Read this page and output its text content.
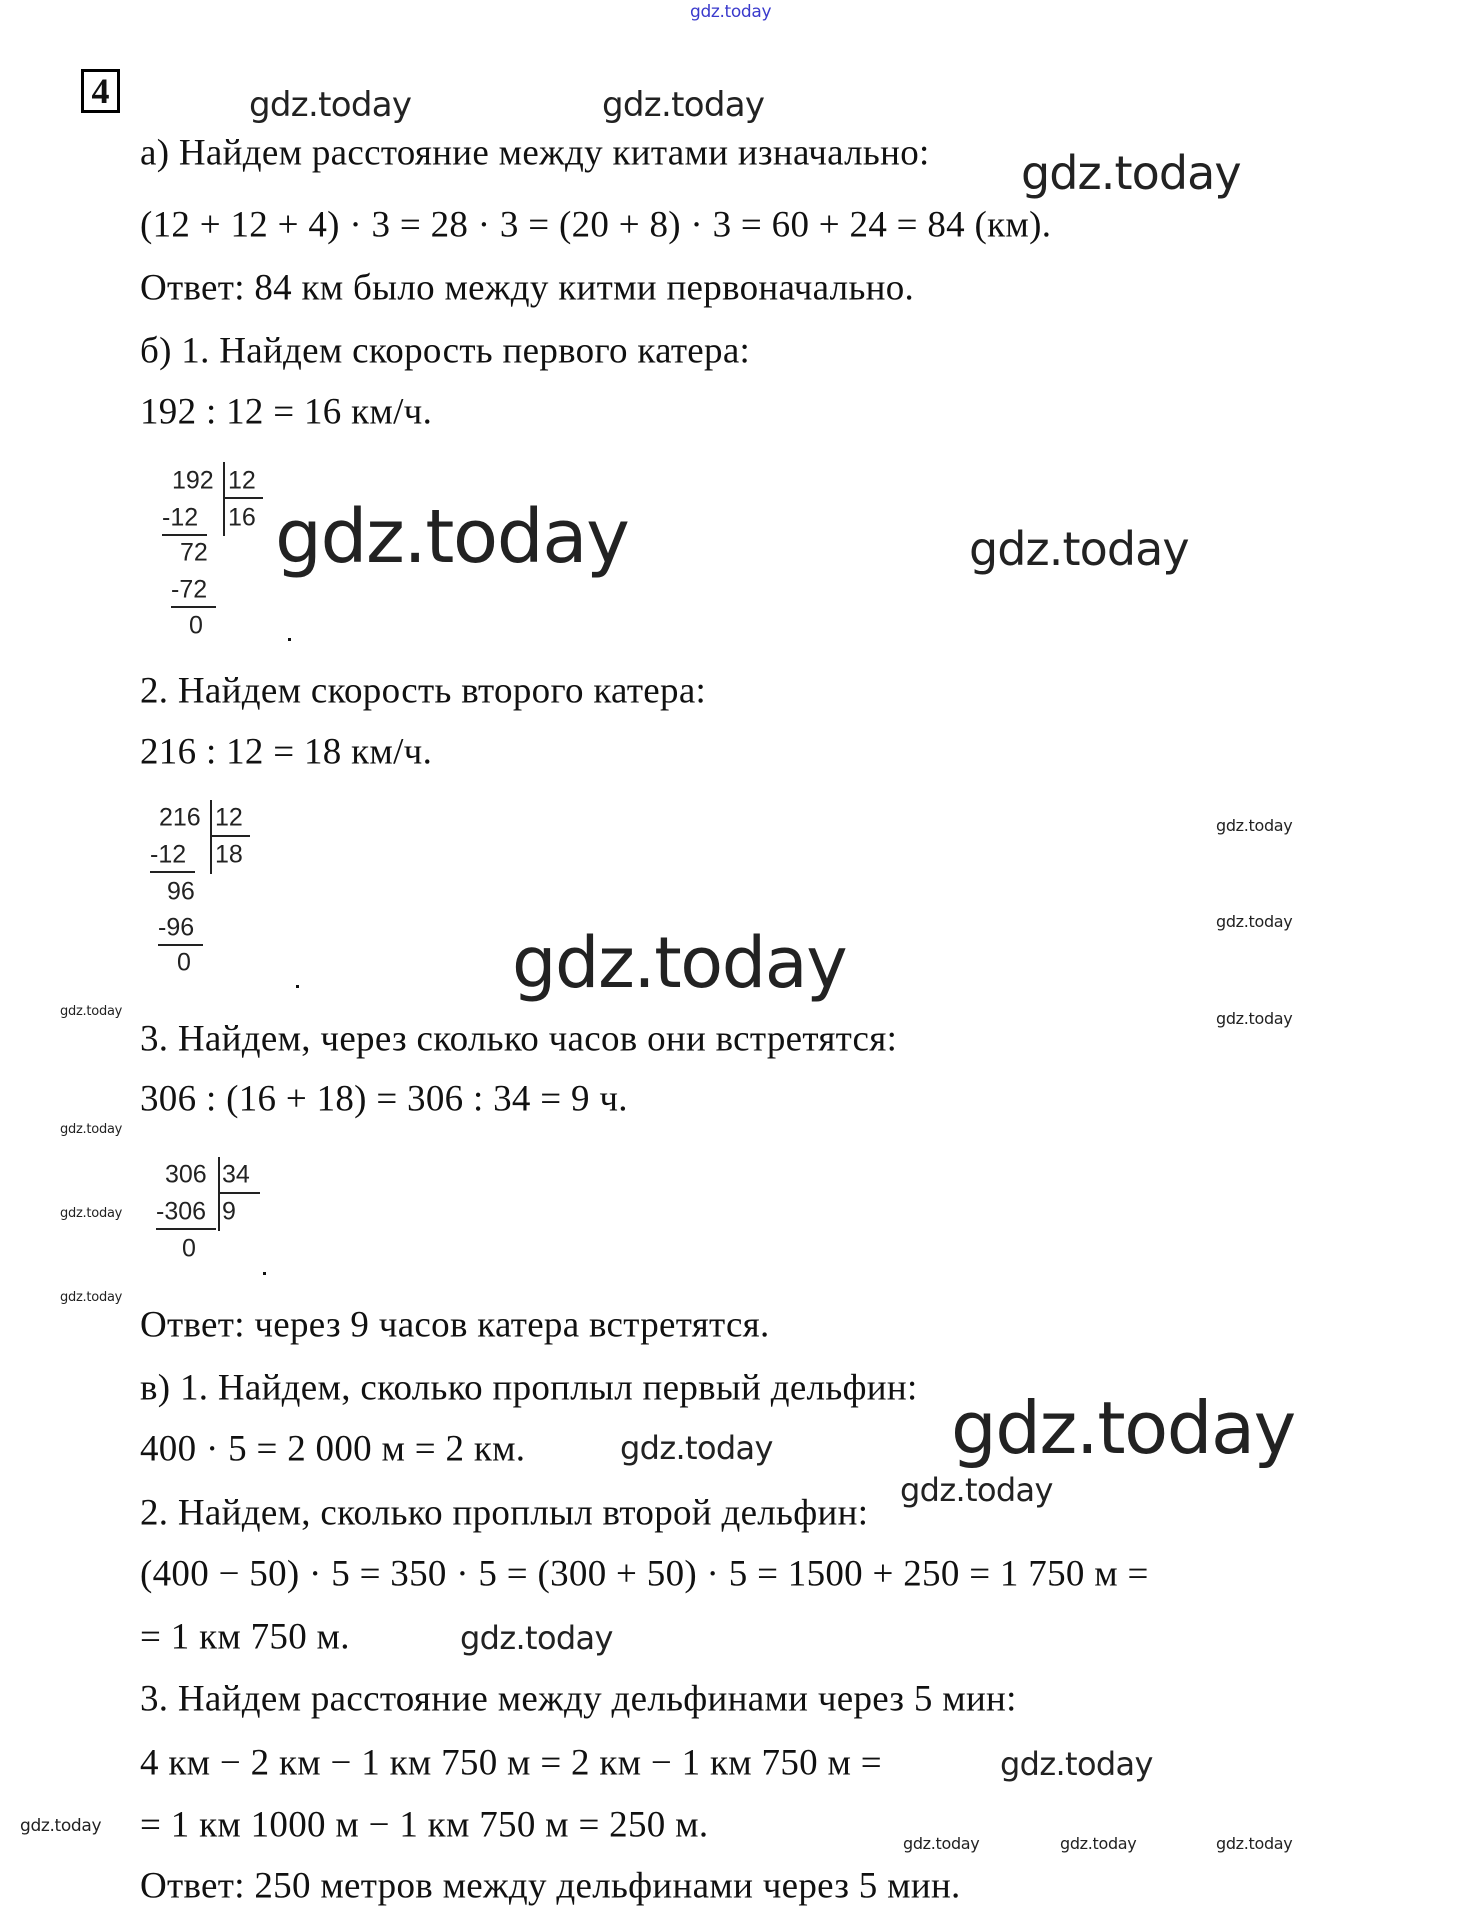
gdz.today
4
а) Найдем расстояние между китами изначально:
(12 + 12 + 4) · 3 = 28 · 3 = (20 + 8) · 3 = 60 + 24 = 84 (км).
Ответ: 84 км было между китми первоначально.
б) 1. Найдем скорость первого катера:
192 : 12 = 16 км/ч.
2. Найдем скорость второго катера:
216 : 12 = 18 км/ч.
3. Найдем, через сколько часов они встретятся:
306 : (16 + 18) = 306 : 34 = 9 ч.
Ответ: через 9 часов катера встретятся.
в) 1. Найдем, сколько проплыл первый дельфин:
400 · 5 = 2 000 м = 2 км.
2. Найдем, сколько проплыл второй дельфин:
(400 − 50) · 5 = 350 · 5 = (300 + 50) · 5 = 1500 + 250 = 1 750 м =
= 1 км 750 м.
3. Найдем расстояние между дельфинами через 5 мин:
4 км − 2 км − 1 км 750 м = 2 км − 1 км 750 м =
= 1 км 1000 м − 1 км 750 м = 250 м.
Ответ: 250 метров между дельфинами через 5 мин.
192 12
16
-12
72
-72
0
216 12
18
-12
96
-96
0
306 34
9
-306
0
gdz.today	gdz.today
gdz.today
gdz.today	gdz.today
gdz.today
gdz.today
gdz.today
gdz.today
gdz.today
gdz.today
gdz.today
gdz.today
gdz.today
gdz.today
gdz.today
gdz.today
gdz.today
gdz.today
gdz.today	gdz.today	gdz.today
